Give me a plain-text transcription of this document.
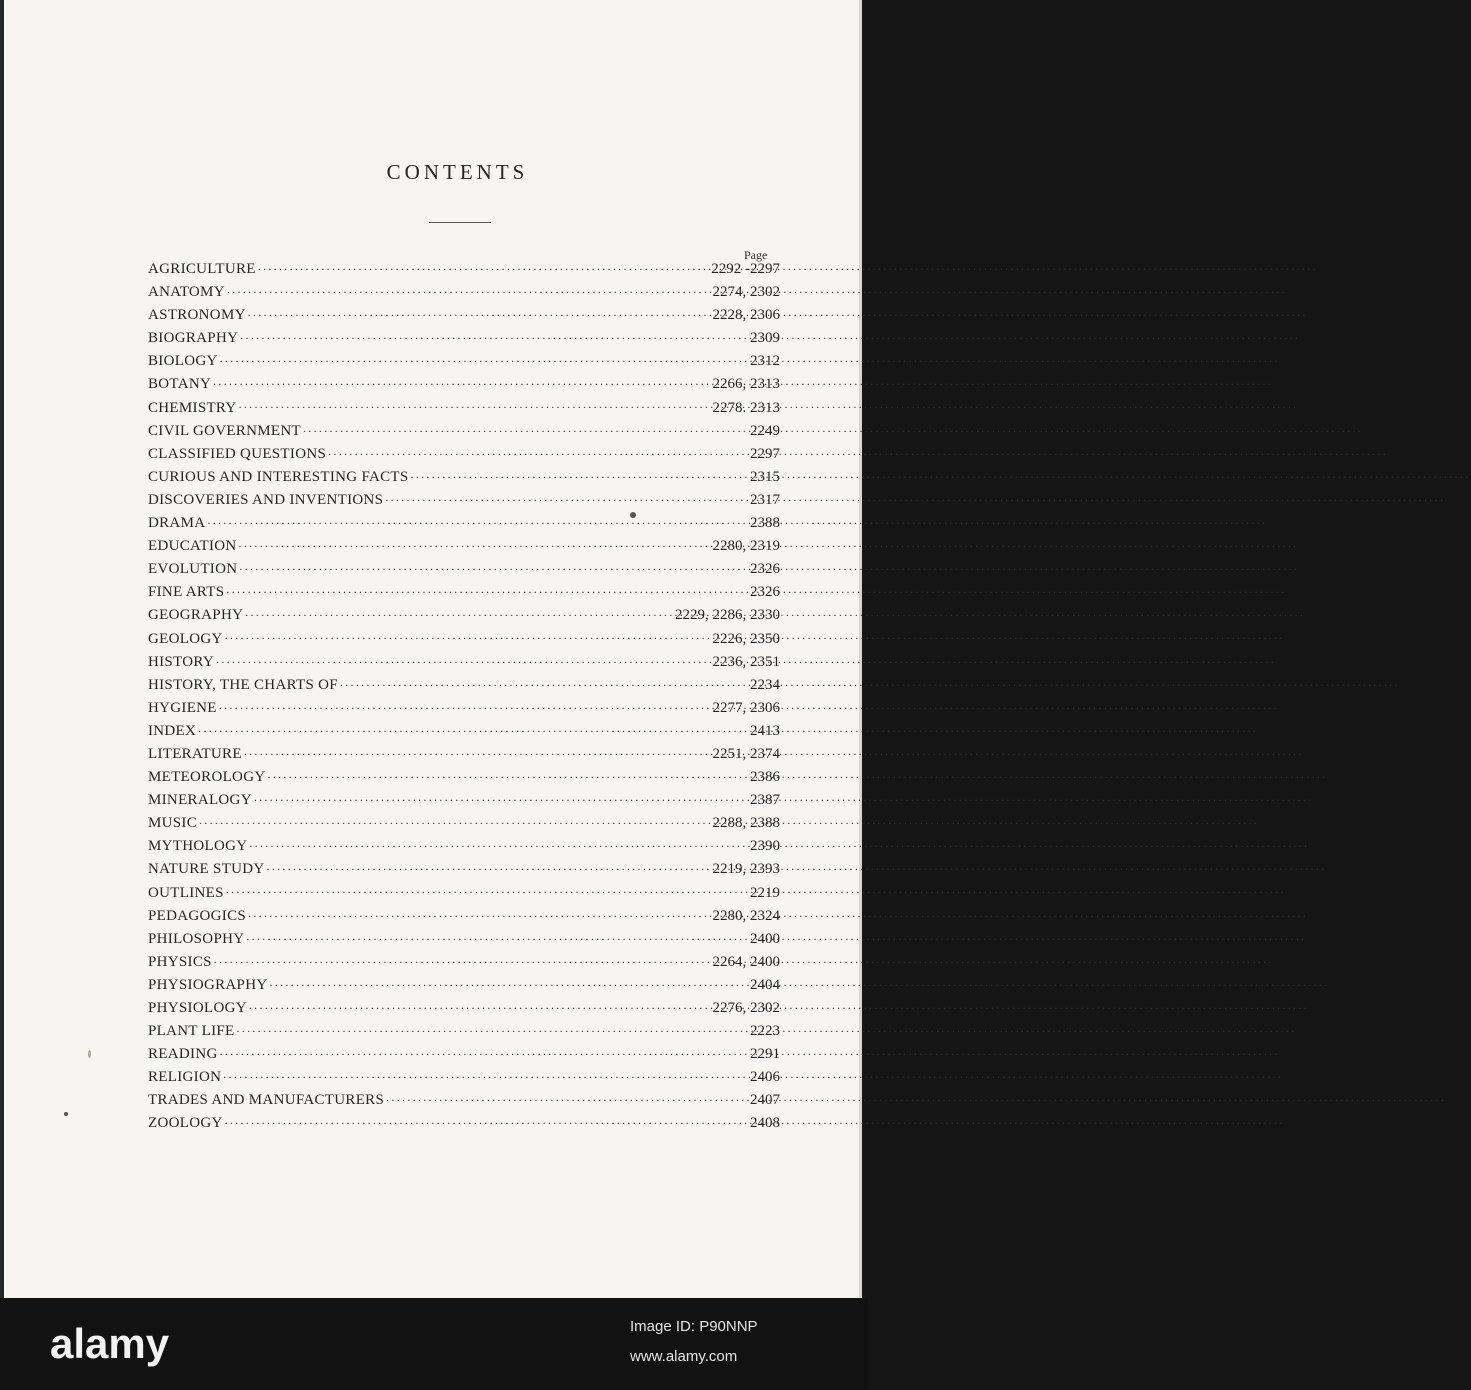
CONTENTS
Page
AGRICULTURE .....	2292 -2297
ANATOMY .....	2274, 2302
ASTRONOMY .....	2228, 2306
BIOGRAPHY .....	2309
BIOLOGY .....	2312
BOTANY .....	2266, 2313
CHEMISTRY .....	2278. 2313
CIVIL GOVERNMENT .....	2249
CLASSIFIED QUESTIONS .....	2297
CURIOUS AND INTERESTING FACTS .....	2315
DISCOVERIES AND INVENTIONS .....	2317
DRAMA .....	2388
EDUCATION .....	2280, 2319
EVOLUTION .....	2326
FINE ARTS .....	2326
GEOGRAPHY .....	2229, 2286, 2330
GEOLOGY .....	2226, 2350
HISTORY .....	2236, 2351
HISTORY, THE CHARTS OF .....	2234
HYGIENE .....	2277, 2306
INDEX .....	2413
LITERATURE .....	2251, 2374
METEOROLOGY .....	2386
MINERALOGY .....	2387
MUSIC .....	2288, 2388
MYTHOLOGY .....	2390
NATURE STUDY .....	2219, 2393
OUTLINES .....	2219
PEDAGOGICS .....	2280, 2324
PHILOSOPHY .....	2400
PHYSICS .....	2264, 2400
PHYSIOGRAPHY .....	2404
PHYSIOLOGY .....	2276, 2302
PLANT LIFE .....	2223
READING .....	2291
RELIGION .....	2406
TRADES AND MANUFACTURERS .....	2407
ZOOLOGY .....	2408
alamy	Image ID: P90NNP
www.alamy.com
